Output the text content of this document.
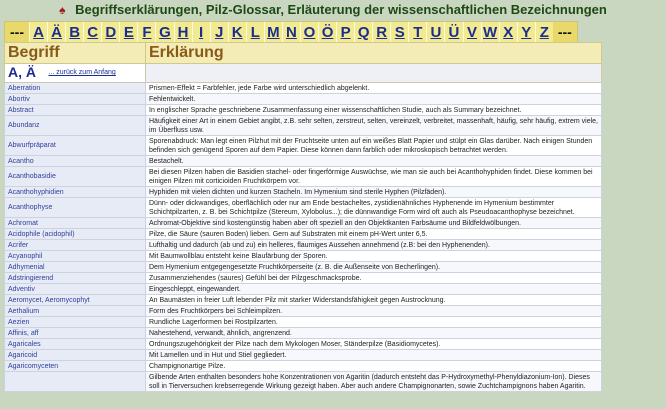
♠ Begriffserklärungen, Pilz-Glossar, Erläuterung der wissenschaftlichen Bezeichnungen
--- A Ä B C D E F G H I J K L M N O Ö P Q R S T U Ü V W X Y Z ---
Begriff	Erklärung
A, Ä ... zurück zum Anfang	
Aberration	Prismen-Effekt = Farbfehler, jede Farbe wird unterschiedlich abgelenkt.
Abortiv	Fehlentwickelt.
Abstract	In englischer Sprache geschriebene Zusammenfassung einer wissenschaftlichen Studie, auch als Summary bezeichnet.
Abundanz	Häufigkeit einer Art in einem Gebiet angibt, z.B. sehr selten, zerstreut, selten, vereinzelt, verbreitet, massenhaft, häufig, sehr häufig, extrem viele, im Überfluss usw.
Abwurfpräparat	Sporenabdruck: Man legt einen Pilzhut mit der Fruchtseite unten auf ein weißes Blatt Papier und stülpt ein Glas darüber. Nach einigen Stunden befinden sich genügend Sporen auf dem Papier. Diese können dann farblich oder mikroskopisch betrachtet werden.
Acantho	Bestachelt.
Acanthobasidie	Bei diesen Pilzen haben die Basidien stachel- oder fingerförmige Auswüchse, wie man sie auch bei Acanthohyphiden findet. Diese kommen bei einigen Pilzen mit corticioiden Fruchtkörpern vor.
Acanthohyphidien	Hyphiden mit vielen dichten und kurzen Stacheln. Im Hymenium sind sterile Hyphen (Pilzfäden).
Acanthophyse	Dünn- oder dickwandiges, oberflächlich oder nur am Ende bestacheltes, zystidienähnliches Hyphenende im Hymenium bestimmter Schichtpilzarten, z. B. bei Schichtpilze (Stereum, Xylobolus...); die dünnwandige Form wird oft auch als Pseudoacanthophyse bezeichnet.
Achromat	Achromat-Objektive sind kostengünstig haben aber oft speziell an den Objektkanten Farbsäume und Bildfeldwölbungen.
Acidophile (acidophil)	Pilze, die Säure (sauren Boden) lieben. Gern auf Substraten mit einem pH-Wert unter 6,5.
Acrifer	Lufthaltig und dadurch (ab und zu) ein helleres, flaumiges Aussehen annehmend (z.B: bei den Hyphenenden).
Acyanophil	Mit Baumwollblau entsteht keine Blaufärbung der Sporen.
Adhymenial	Dem Hymenium entgegengesetzte Fruchtkörperseite (z. B. die Außenseite von Becherlingen).
Adstringierend	Zusammenziehendes (saures) Gefühl bei der Pilzgeschmacksprobe.
Adventiv	Eingeschleppt, eingewandert.
Aeromycet, Aeromycophyt	An Baumästen in freier Luft lebender Pilz mit starker Widerstandsfähigkeit gegen Austrocknung.
Aethalium	Form des Fruchtkörpers bei Schleimpilzen.
Aezien	Rundliche Lagerformen bei Rostpilzarten.
Affinis, aff	Nahestehend, verwandt, ähnlich, angrenzend.
Agaricales	Ordnungszugehörigkeit der Pilze nach dem Mykologen Moser, Ständerpilze (Basidiomycetes).
Agaricoid	Mit Lamellen und in Hut und Stiel gegliedert.
Agaricomyceten	Champignonartige Pilze.
	Gilbende Arten enthalten besonders hohe Konzentrationen von Agaritin (dadurch entsteht das P-Hydroxymethyl-Phenyldiazonium-Ion). Dieses soll in Tierversuchen krebserregende Wirkung gezeigt haben. Aber auch andere Champignonarten, sowie Zuchtchampignons haben Agaritin.
